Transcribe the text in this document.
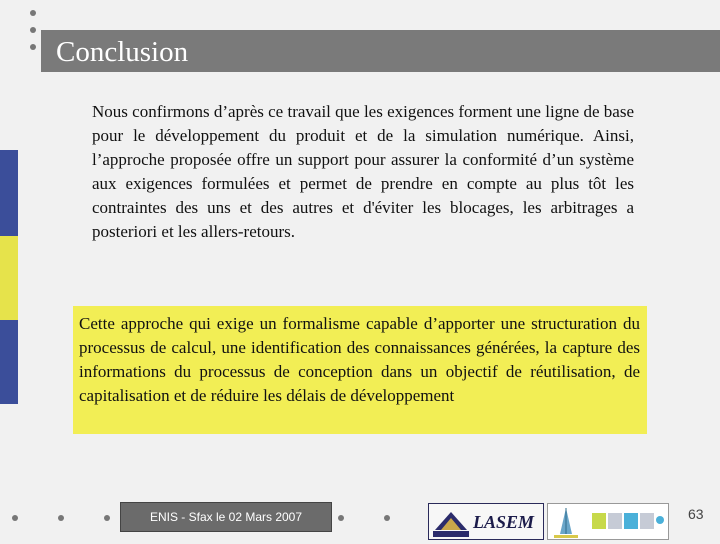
Conclusion
Nous confirmons d’après ce travail que les exigences forment une ligne de base pour le développement du produit et de la simulation numérique. Ainsi, l’approche proposée offre un support pour assurer la conformité d’un système aux exigences formulées et permet de prendre en compte au plus tôt les contraintes des uns et des autres et d'éviter les blocages, les arbitrages a posteriori et les allers-retours.
Cette approche qui exige un formalisme capable d’apporter une structuration du processus de calcul, une identification des connaissances générées, la capture des informations du processus de conception dans un objectif de réutilisation, de capitalisation et de réduire les délais de développement
ENIS - Sfax le 02 Mars 2007	LASEM	63
